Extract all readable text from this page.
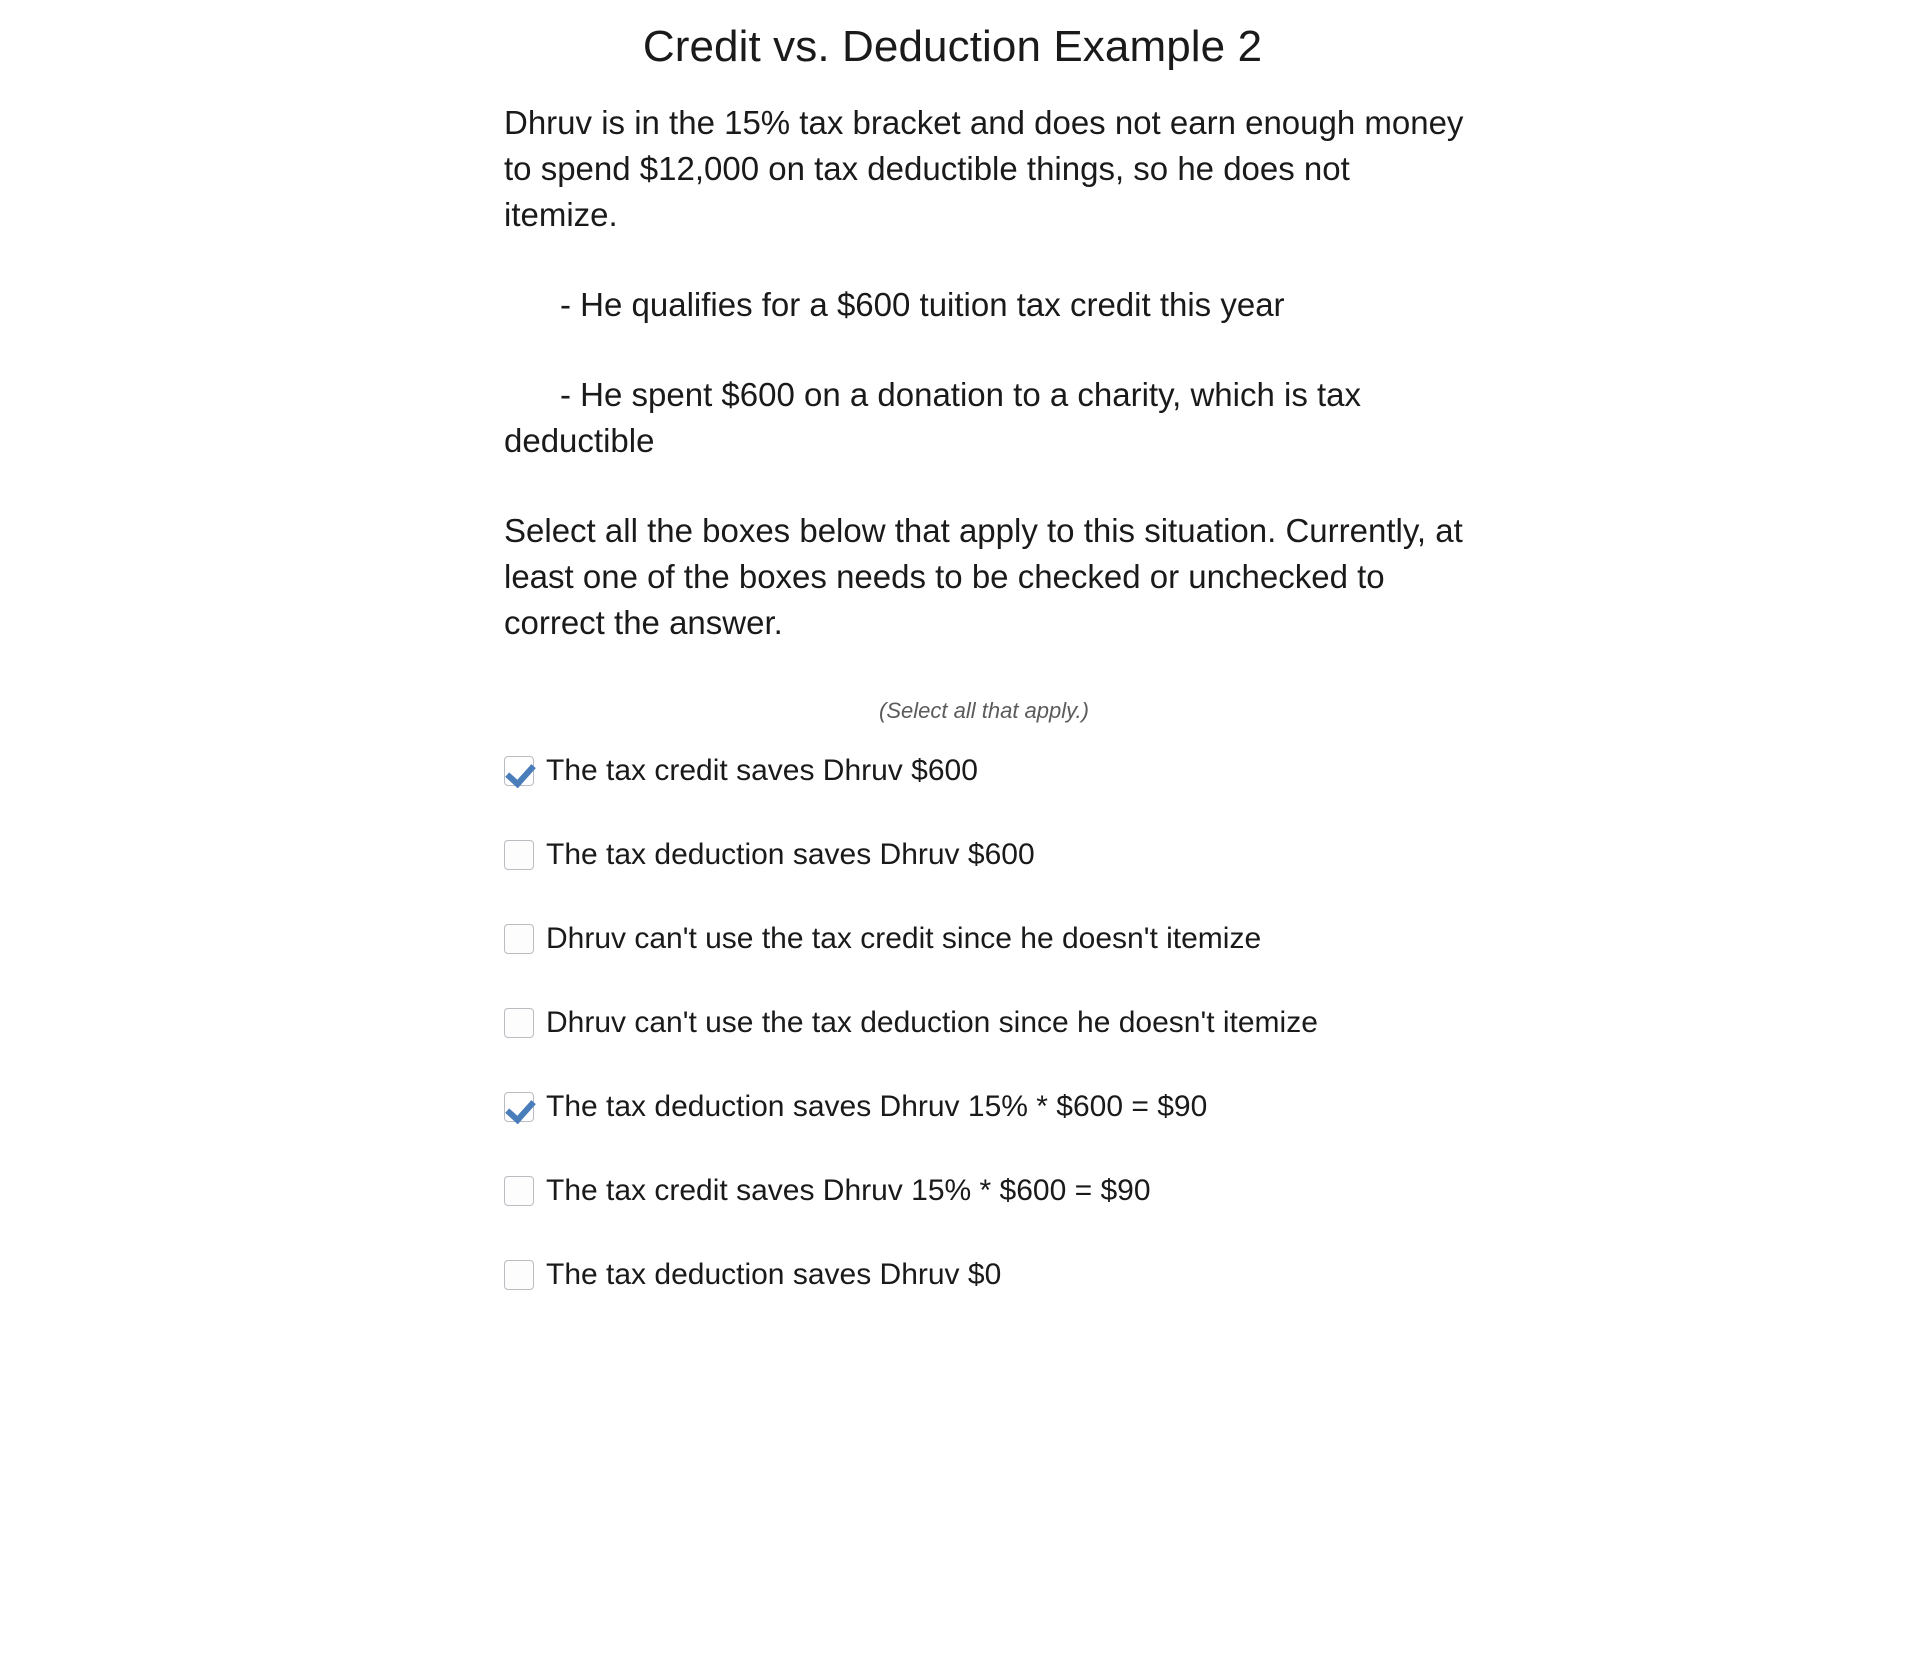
Credit vs. Deduction Example 2

Dhruv is in the 15% tax bracket and does not earn enough money to spend $12,000 on tax deductible things, so he does not itemize.

- He qualifies for a $600 tuition tax credit this year

- He spent $600 on a donation to a charity, which is tax deductible

Select all the boxes below that apply to this situation. Currently, at least one of the boxes needs to be checked or unchecked to correct the answer.

(Select all that apply.)
The tax credit saves Dhruv $600
The tax deduction saves Dhruv $600
Dhruv can't use the tax credit since he doesn't itemize
Dhruv can't use the tax deduction since he doesn't itemize
The tax deduction saves Dhruv 15% * $600 = $90
The tax credit saves Dhruv 15% * $600 = $90
The tax deduction saves Dhruv $0
